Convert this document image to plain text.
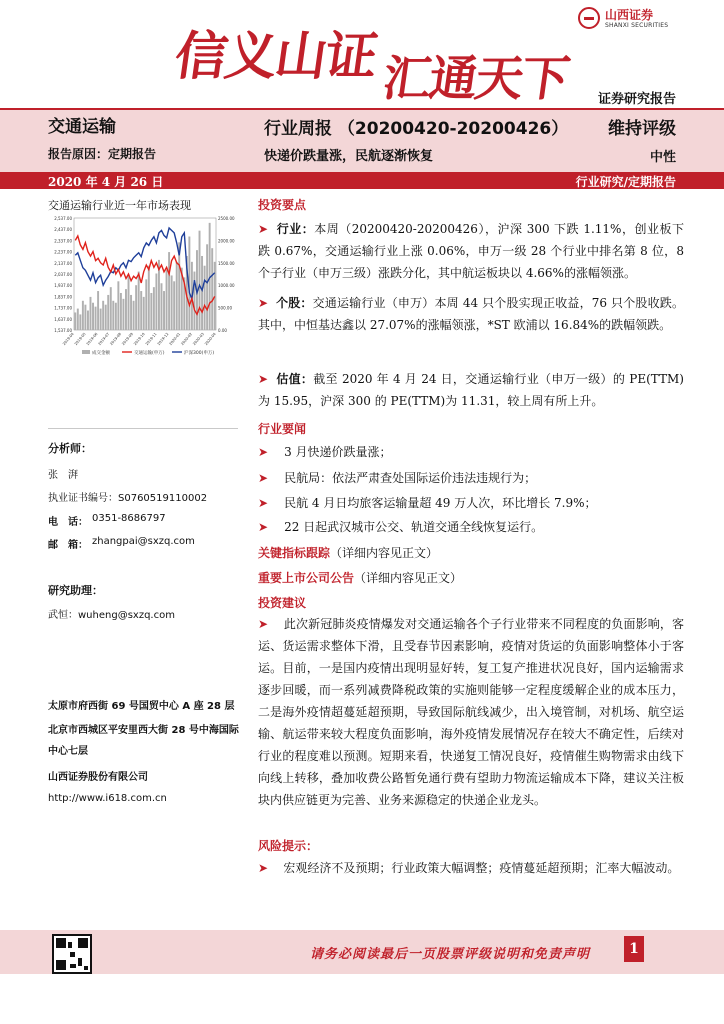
信义山证 汇通天下
山西证券
SHANXI SECURITIES
证券研究报告
交通运输	行业周报 （20200420-20200426） 维持评级
报告原因：定期报告	快递价跌量涨，民航逐渐恢复	中性
2020 年 4 月 26 日	行业研究/定期报告
交通运输行业近一年市场表现
2,537.00
2,437.00
2,337.00
2,237.00
2,137.00
2,037.00
1,937.00
1,837.00
1,737.00
1,637.00
1,537.00
2500.00
2000.00
1500.00
1000.00
500.00
0.00
2019-04 2019-05 2019-06 2019-07 2019-08 2019-09 2019-10 2019-11 2019-12 2020-01 2020-02 2020-03 2020-04
成交金额	交通运输(申万)	沪深300(申万)
分析师：
张　湃
执业证书编号：S0760519110002
电　话： 0351-8686797
邮　箱： zhangpai@sxzq.com
研究助理：
武恒：wuheng@sxzq.com
太原市府西街 69 号国贸中心 A 座 28 层
北京市西城区平安里西大街 28 号中海国际中心七层
山西证券股份有限公司
http://www.i618.com.cn
投资要点
➤ 行业：本周（20200420-20200426），沪深 300 下跌 1.11%，创业板下跌 0.67%，交通运输行业上涨 0.06%，申万一级 28 个行业中排名第 8 位，8 个子行业（申万三级）涨跌分化，其中航运板块以 4.66%的涨幅领涨。
➤ 个股：交通运输行业（申万）本周 44 只个股实现正收益，76 只个股收跌。其中，中恒基达鑫以 27.07%的涨幅领涨，*ST 欧浦以 16.84%的跌幅领跌。
➤ 估值：截至 2020 年 4 月 24 日，交通运输行业（申万一级）的 PE(TTM)为 15.95，沪深 300 的 PE(TTM)为 11.31，较上周有所上升。
行业要闻
➤ 3 月快递价跌量涨；
➤ 民航局：依法严肃查处国际运价违法违规行为；
➤ 民航 4 月日均旅客运输量超 49 万人次，环比增长 7.9%；
➤ 22 日起武汉城市公交、轨道交通全线恢复运行。
关键指标跟踪（详细内容见正文）
重要上市公司公告（详细内容见正文）
投资建议
➤ 此次新冠肺炎疫情爆发对交通运输各个子行业带来不同程度的负面影响，客运、货运需求整体下滑，且受春节因素影响，疫情对货运的负面影响整体小于客运。目前，一是国内疫情出现明显好转，复工复产推进状况良好，国内运输需求逐步回暖，而一系列减费降税政策的实施则能够一定程度缓解企业的成本压力，二是海外疫情超蔓延超预期，导致国际航线减少，出入境管制，对机场、航空运输、航运带来较大程度负面影响，海外疫情发展情况存在较大不确定性，后续对行业的程度难以预测。短期来看，快递复工情况良好，疫情催生购物需求由线下向线上转移，叠加收费公路暂免通行费有望助力物流运输成本下降，建议关注板块内供应链更为完善、业务来源稳定的快递企业龙头。
风险提示：
➤ 宏观经济不及预期；行业政策大幅调整；疫情蔓延超预期；汇率大幅波动。
请务必阅读最后一页股票评级说明和免责声明	1
